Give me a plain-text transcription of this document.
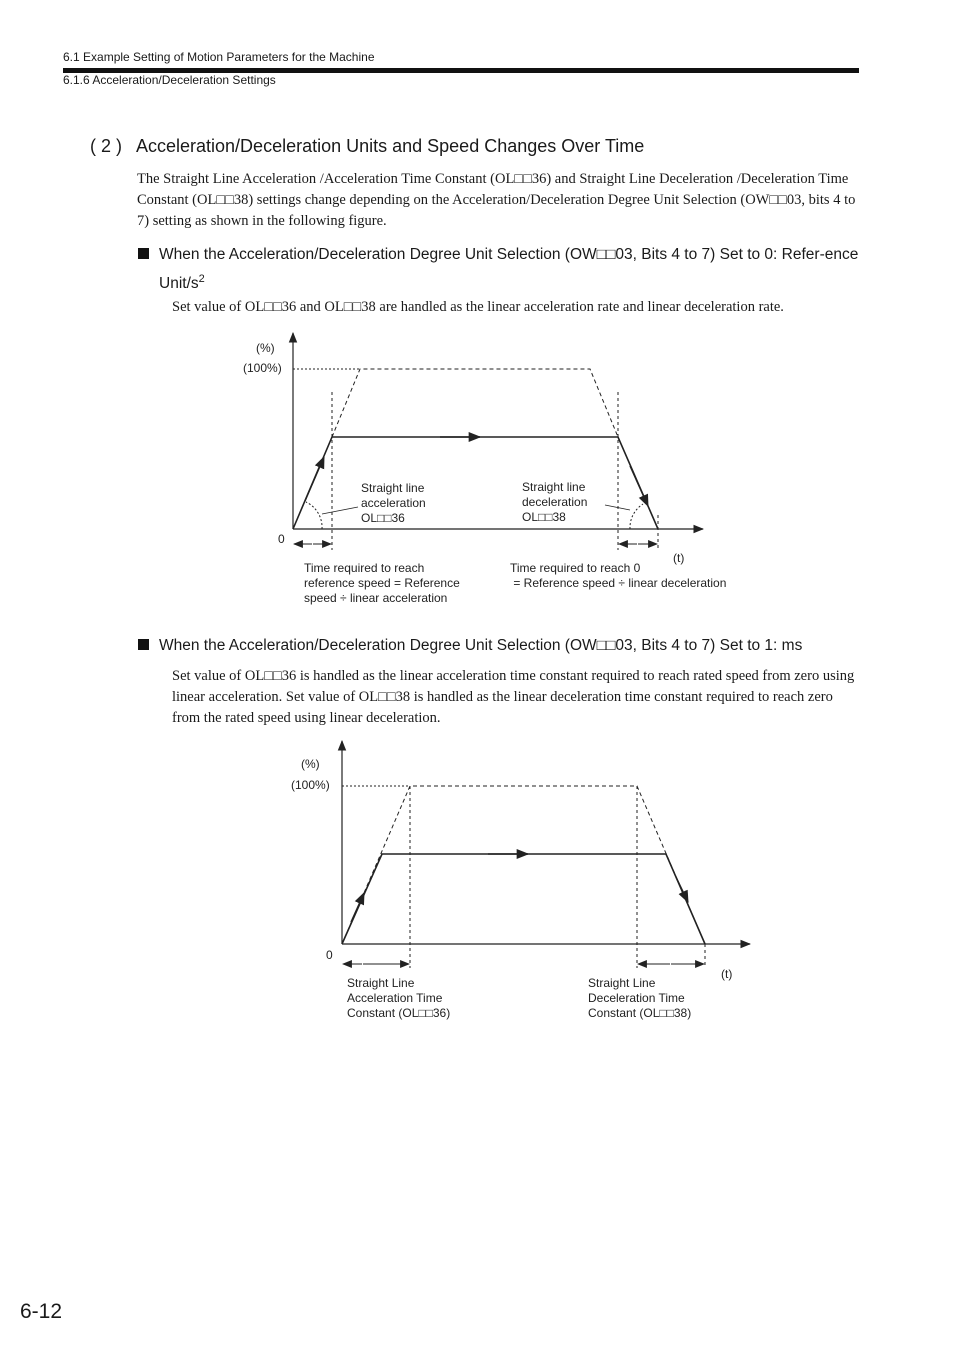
6.1 Example Setting of Motion Parameters for the Machine
6.1.6 Acceleration/Deceleration Settings
( 2 ) Acceleration/Deceleration Units and Speed Changes Over Time
The Straight Line Acceleration /Acceleration Time Constant (OL□□36) and Straight Line Deceleration /Deceleration Time Constant (OL□□38) settings change depending on the Acceleration/Deceleration Degree Unit Selection (OW□□03, bits 4 to 7) setting as shown in the following figure.
When the Acceleration/Deceleration Degree Unit Selection (OW□□03, Bits 4 to 7) Set to 0: Refer-ence Unit/$s^2$
Set value of OL□□36 and OL□□38 are handled as the linear acceleration rate and linear deceleration rate.
(%)
(100%)
0
(t)
Straight line
acceleration
OL□□36
Straight line
deceleration
OL□□38
Time required to reach
reference speed = Reference
speed ÷ linear acceleration
Time required to reach 0
= Reference speed ÷ linear deceleration
When the Acceleration/Deceleration Degree Unit Selection (OW□□03, Bits 4 to 7) Set to 1: ms
Set value of OL□□36 is handled as the linear acceleration time constant required to reach rated speed from zero using linear acceleration. Set value of OL□□38 is handled as the linear deceleration time constant required to reach zero from the rated speed using linear deceleration.
(%)
(100%)
0
(t)
Straight Line
Acceleration Time
Constant (OL□□36)
Straight Line
Deceleration Time
Constant (OL□□38)
6-12
